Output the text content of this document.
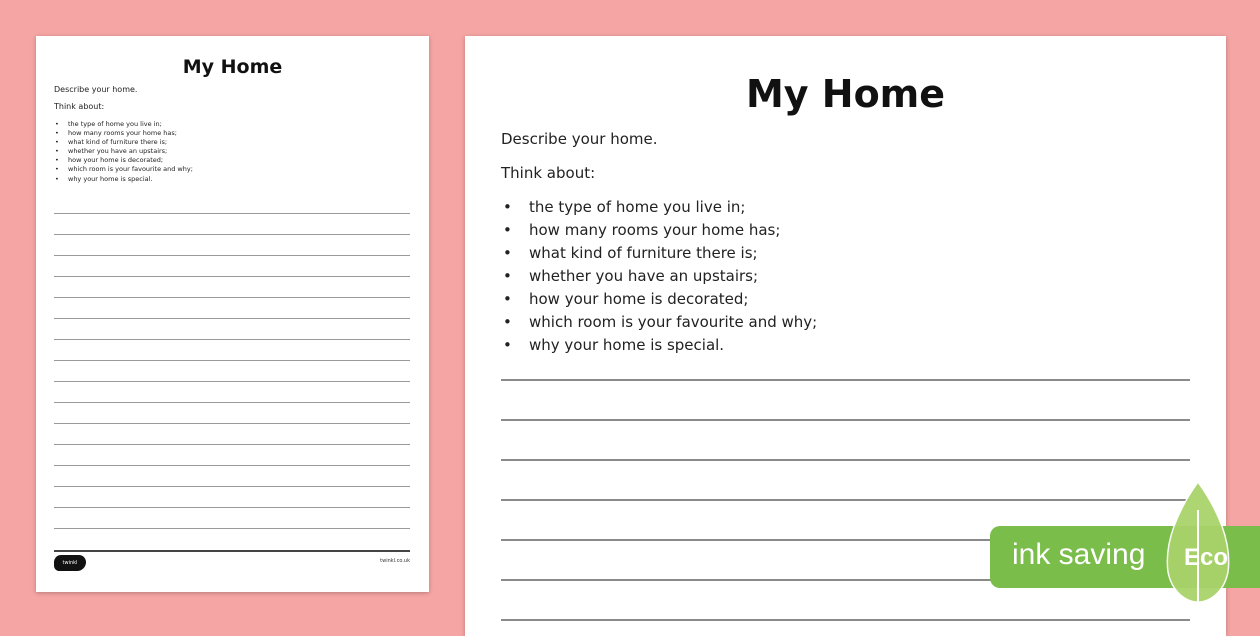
My Home
Describe your home.
Think about:
• the type of home you live in;
• how many rooms your home has;
• what kind of furniture there is;
• whether you have an upstairs;
• how your home is decorated;
• which room is your favourite and why;
• why your home is special.
twinkl	twinkl.co.uk
My Home
Describe your home.
Think about:
• the type of home you live in;
• how many rooms your home has;
• what kind of furniture there is;
• whether you have an upstairs;
• how your home is decorated;
• which room is your favourite and why;
• why your home is special.
ink saving Eco
